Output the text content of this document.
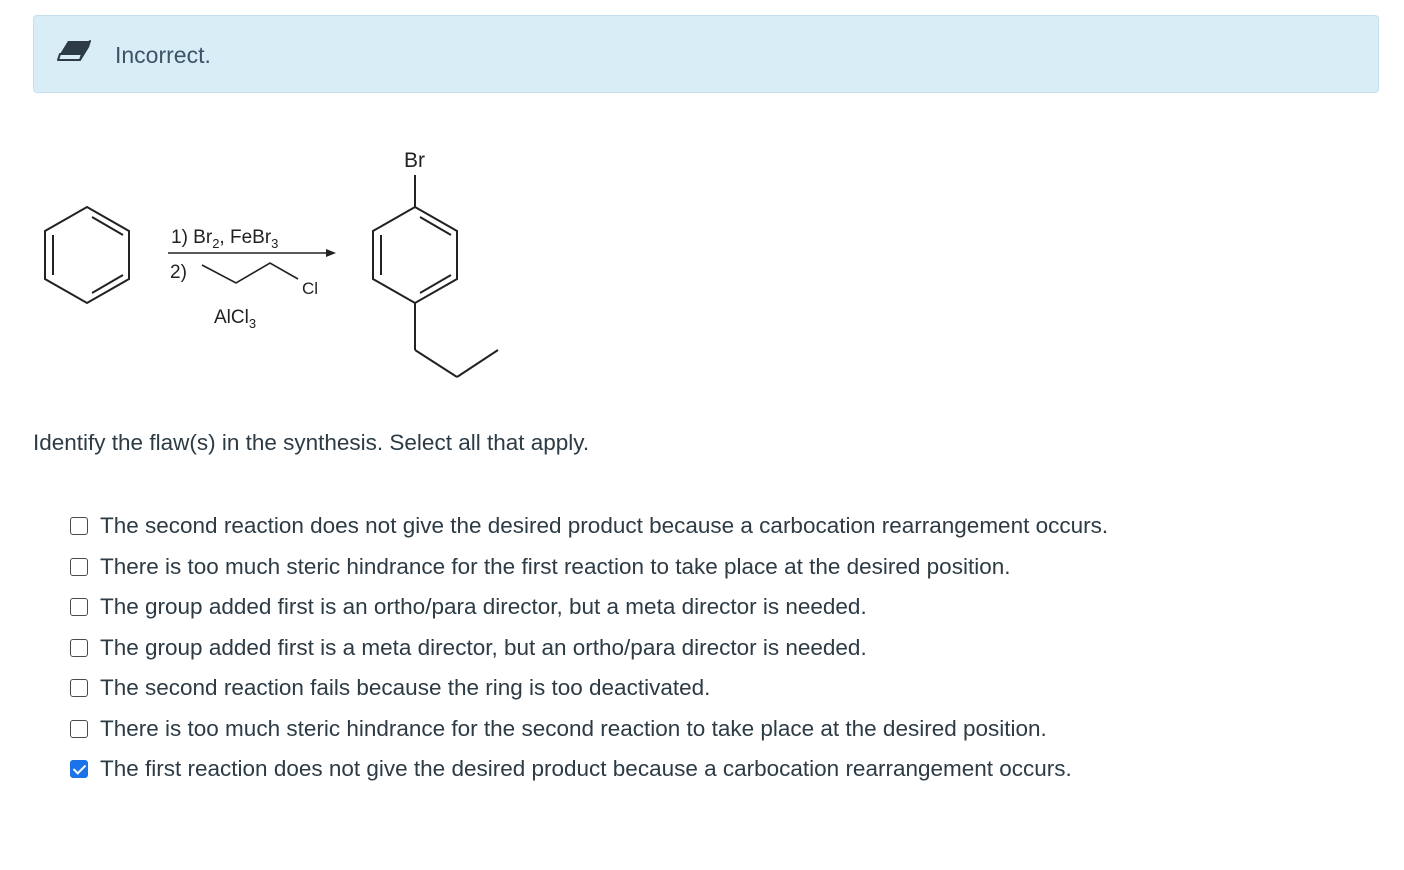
Incorrect.
1) $Br_2$, FeBr$_3$
2)
Cl
AlCl$_3$
Br
Identify the flaw(s) in the synthesis. Select all that apply.
The second reaction does not give the desired product because a carbocation rearrangement occurs.
There is too much steric hindrance for the first reaction to take place at the desired position.
The group added first is an ortho/para director, but a meta director is needed.
The group added first is a meta director, but an ortho/para director is needed.
The second reaction fails because the ring is too deactivated.
There is too much steric hindrance for the second reaction to take place at the desired position.
The first reaction does not give the desired product because a carbocation rearrangement occurs.
